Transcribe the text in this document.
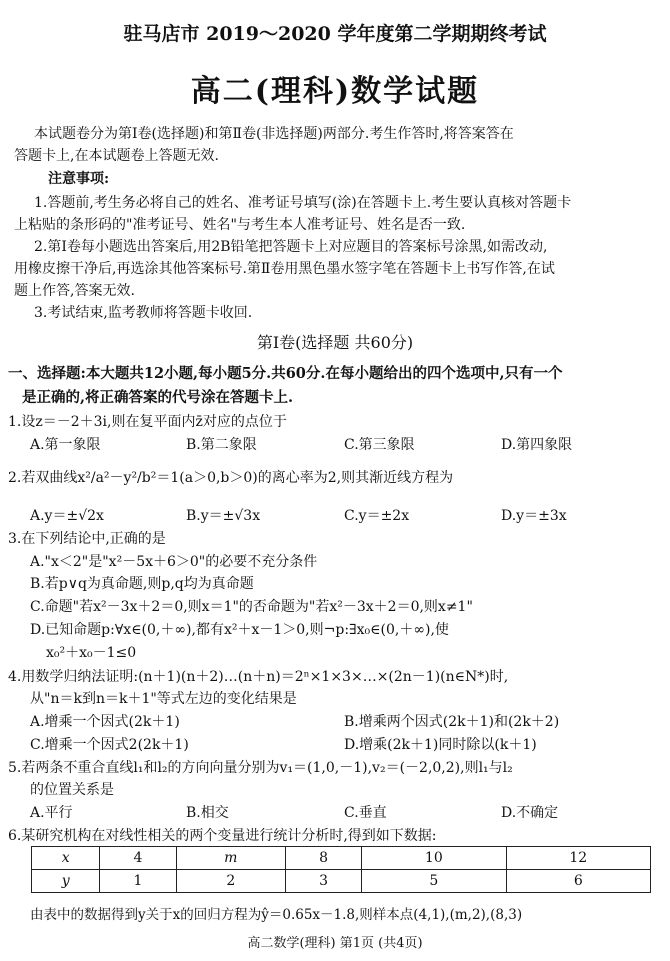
驻马店市 2019～2020 学年度第二学期期终考试
高二(理科)数学试题
本试题卷分为第Ⅰ卷(选择题)和第Ⅱ卷(非选择题)两部分.考生作答时,将答案答在
答题卡上,在本试题卷上答题无效.
注意事项:
1.答题前,考生务必将自己的姓名、准考证号填写(涂)在答题卡上.考生要认真核对答题卡
上粘贴的条形码的"准考证号、姓名"与考生本人准考证号、姓名是否一致.
2.第Ⅰ卷每小题选出答案后,用2B铅笔把答题卡上对应题目的答案标号涂黑,如需改动,
用橡皮擦干净后,再选涂其他答案标号.第Ⅱ卷用黑色墨水签字笔在答题卡上书写作答,在试
题上作答,答案无效.
3.考试结束,监考教师将答题卡收回.
第Ⅰ卷(选择题 共60分)
一、选择题:本大题共12小题,每小题5分.共60分.在每小题给出的四个选项中,只有一个
是正确的,将正确答案的代号涂在答题卡上.
1.设z＝－2＋3i,则在复平面内z̄对应的点位于
A.第一象限	B.第二象限	C.第三象限	D.第四象限
2.若双曲线x²/a²－y²/b²＝1(a＞0,b＞0)的离心率为2,则其渐近线方程为
A.y＝±√2x	B.y＝±√3x	C.y＝±2x	D.y＝±3x
3.在下列结论中,正确的是
A."x＜2"是"x²－5x＋6＞0"的必要不充分条件
B.若p∨q为真命题,则p,q均为真命题
C.命题"若x²－3x＋2＝0,则x＝1"的否命题为"若x²－3x＋2＝0,则x≠1"
D.已知命题p:∀x∈(0,＋∞),都有x²＋x－1＞0,则¬p:∃x₀∈(0,＋∞),使
x₀²＋x₀－1≤0
4.用数学归纳法证明:(n＋1)(n＋2)…(n＋n)＝2ⁿ×1×3×…×(2n－1)(n∈N*)时,
从"n＝k到n＝k＋1"等式左边的变化结果是
A.增乘一个因式(2k＋1)	B.增乘两个因式(2k＋1)和(2k＋2)
C.增乘一个因式2(2k＋1)	D.增乘(2k＋1)同时除以(k＋1)
5.若两条不重合直线l₁和l₂的方向向量分别为v₁＝(1,0,－1),v₂＝(－2,0,2),则l₁与l₂
的位置关系是
A.平行	B.相交	C.垂直	D.不确定
6.某研究机构在对线性相关的两个变量进行统计分析时,得到如下数据:
x	4	m	8	10	12
y	1	2	3	5	6
由表中的数据得到y关于x的回归方程为ŷ＝0.65x－1.8,则样本点(4,1),(m,2),(8,3)
高二数学(理科) 第1页 (共4页)
